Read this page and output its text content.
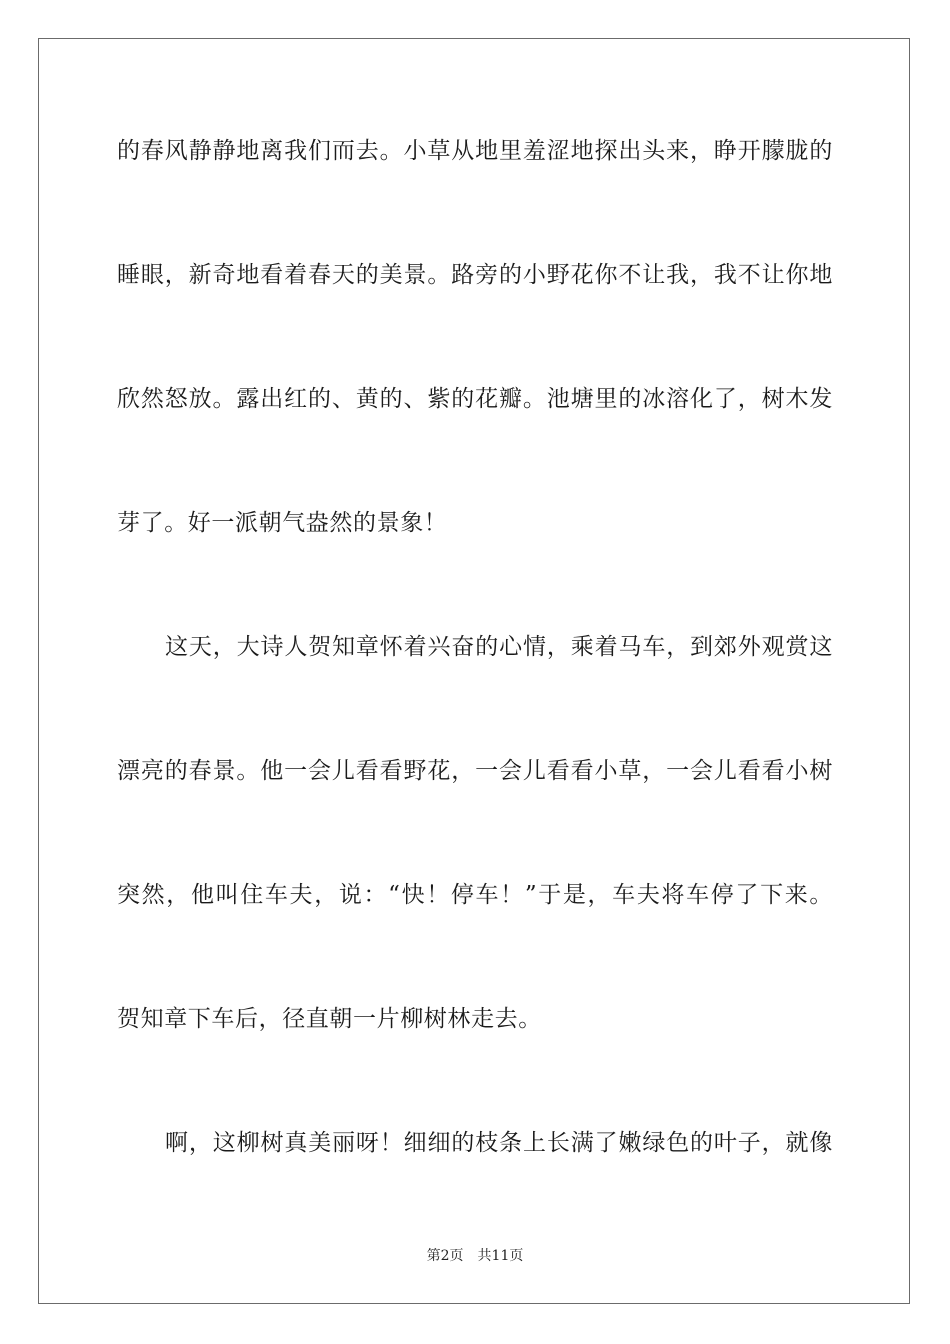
的春风静静地离我们而去。小草从地里羞涩地探出头来，睁开朦胧的
睡眼，新奇地看着春天的美景。路旁的小野花你不让我，我不让你地
欣然怒放。露出红的、黄的、紫的花瓣。池塘里的冰溶化了，树木发
芽了。好一派朝气盎然的景象！
这天，大诗人贺知章怀着兴奋的心情，乘着马车，到郊外观赏这
漂亮的春景。他一会儿看看野花，一会儿看看小草，一会儿看看小树
突然，他叫住车夫，说：“快！停车！”于是，车夫将车停了下来。
贺知章下车后，径直朝一片柳树林走去。
啊，这柳树真美丽呀！细细的枝条上长满了嫩绿色的叶子，就像
第2页 共11页
